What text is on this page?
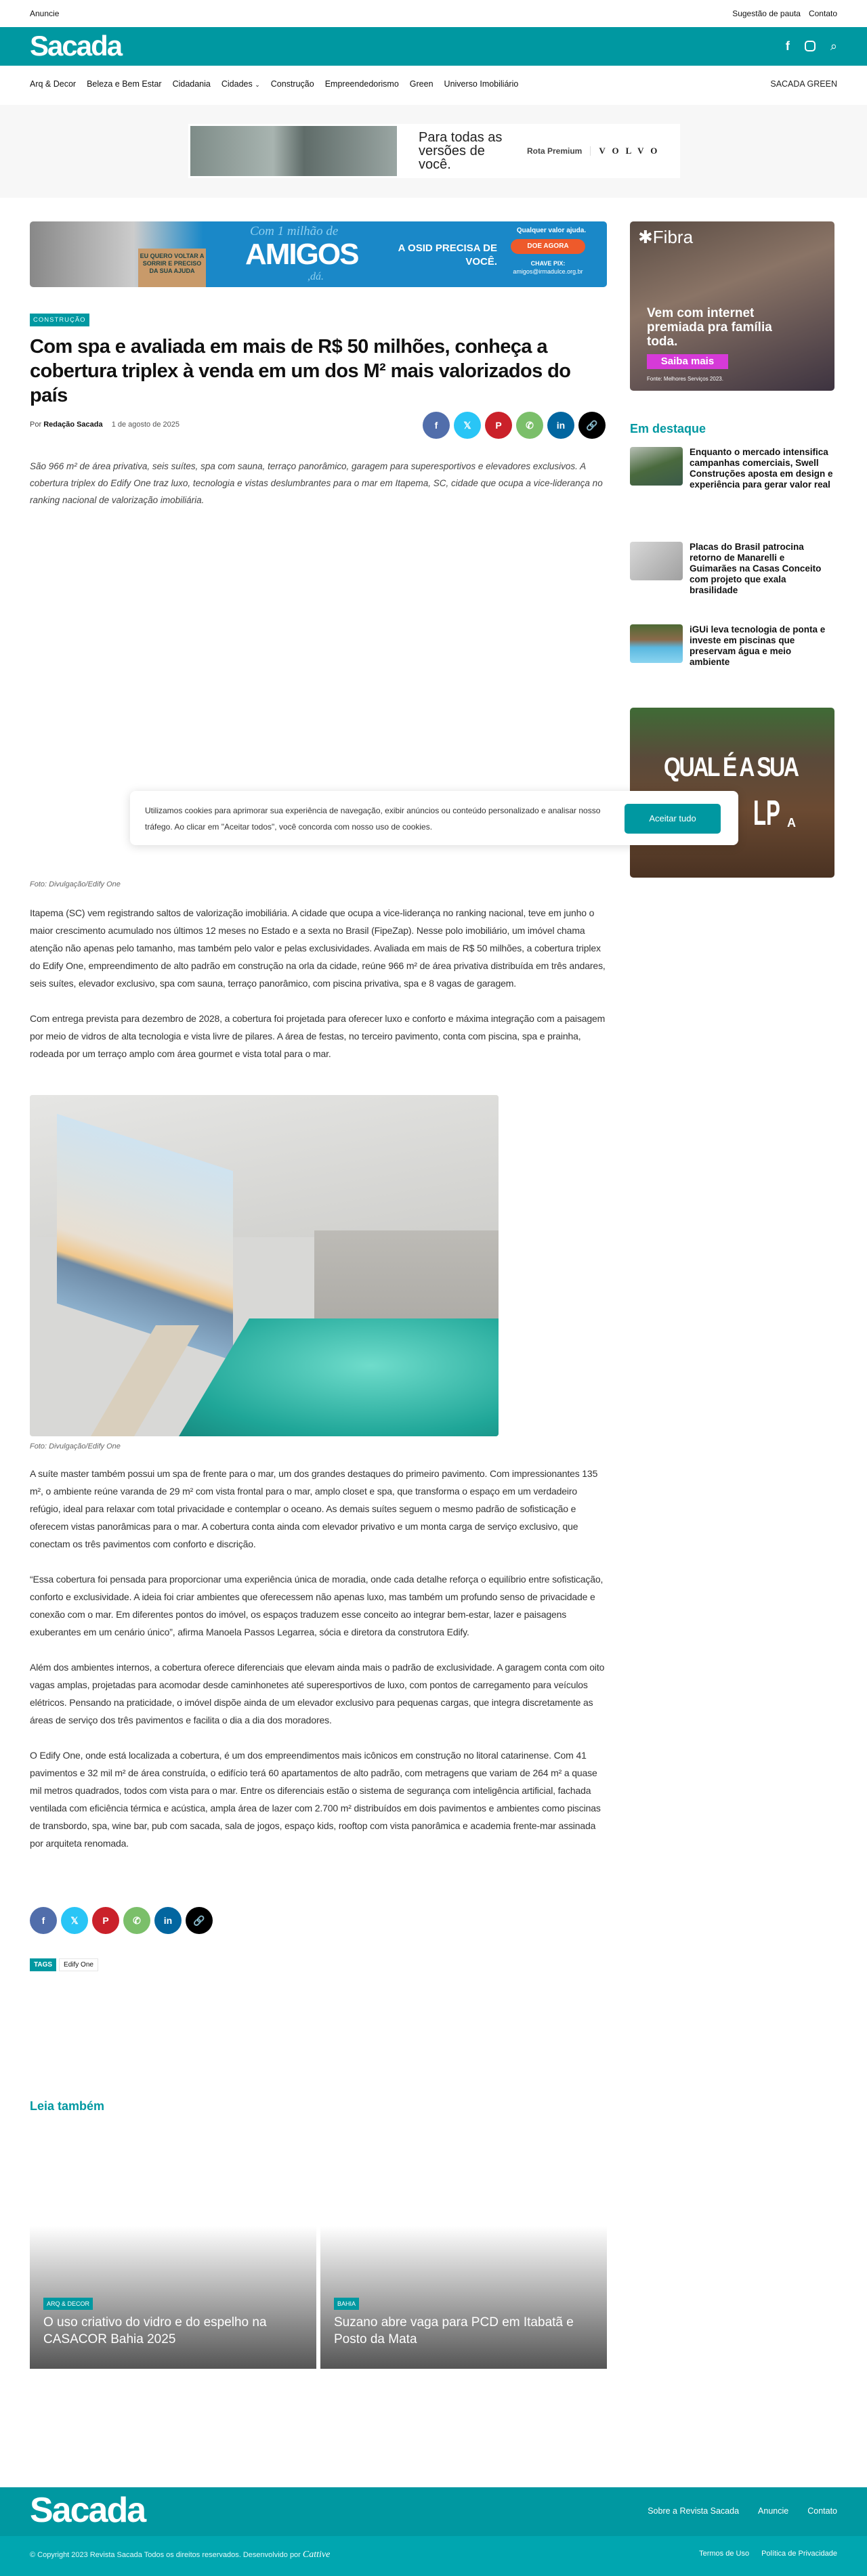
Anuncie	Sugestão de pauta Contato
Sacada	f	⌕
Arq & Decor Beleza e Bem Estar Cidadania Cidades ⌄ Construção Empreendedorismo Green Universo Imobiliário	SACADA GREEN
Para todas as versões de você.
Rota Premium	VOLVO
EU QUERO VOLTAR A SORRIR E PRECISO DA SUA AJUDA
Com 1 milhão de
AMIGOS
,dá.
A OSID PRECISA DE VOCÊ.
Qualquer valor ajuda.
DOE AGORA
CHAVE PIX:
amigos@irmadulce.org.br
CONSTRUÇÃO
Com spa e avaliada em mais de R$ 50 milhões, conheça a cobertura triplex à venda em um dos M² mais valorizados do país
Por Redação Sacada 1 de agosto de 2025	f	𝕏	P	✆ in 🔗

São 966 m² de área privativa, seis suítes, spa com sauna, terraço panorâmico, garagem para superesportivos e elevadores exclusivos. A cobertura triplex do Edify One traz luxo, tecnologia e vistas deslumbrantes para o mar em Itapema, SC, cidade que ocupa a vice-liderança no ranking nacional de valorização imobiliária.

Utilizamos cookies para aprimorar sua experiência de navegação, exibir anúncios ou conteúdo personalizado e analisar nosso tráfego. Ao clicar em "Aceitar todos", você concorda com nosso uso de cookies.

Aceitar tudo
Foto: Divulgação/Edify One

Itapema (SC) vem registrando saltos de valorização imobiliária. A cidade que ocupa a vice-liderança no ranking nacional, teve em junho o maior crescimento acumulado nos últimos 12 meses no Estado e a sexta no Brasil (FipeZap). Nesse polo imobiliário, um imóvel chama atenção não apenas pelo tamanho, mas também pelo valor e pelas exclusividades. Avaliada em mais de R$ 50 milhões, a cobertura triplex do Edify One, empreendimento de alto padrão em construção na orla da cidade, reúne 966 m² de área privativa distribuída em três andares, seis suítes, elevador exclusivo, spa com sauna, terraço panorâmico, com piscina privativa, spa e 8 vagas de garagem.

Com entrega prevista para dezembro de 2028, a cobertura foi projetada para oferecer luxo e conforto e máxima integração com a paisagem por meio de vidros de alta tecnologia e vista livre de pilares. A área de festas, no terceiro pavimento, conta com piscina, spa e prainha, rodeada por um terraço amplo com área gourmet e vista total para o mar.

Foto: Divulgação/Edify One

A suíte master também possui um spa de frente para o mar, um dos grandes destaques do primeiro pavimento. Com impressionantes 135 m², o ambiente reúne varanda de 29 m² com vista frontal para o mar, amplo closet e spa, que transforma o espaço em um verdadeiro refúgio, ideal para relaxar com total privacidade e contemplar o oceano. As demais suítes seguem o mesmo padrão de sofisticação e oferecem vistas panorâmicas para o mar. A cobertura conta ainda com elevador privativo e um monta carga de serviço exclusivo, que conectam os três pavimentos com conforto e discrição.

“Essa cobertura foi pensada para proporcionar uma experiência única de moradia, onde cada detalhe reforça o equilíbrio entre sofisticação, conforto e exclusividade. A ideia foi criar ambientes que oferecessem não apenas luxo, mas também um profundo senso de privacidade e conexão com o mar. Em diferentes pontos do imóvel, os espaços traduzem esse conceito ao integrar bem-estar, lazer e paisagens exuberantes em um cenário único”, afirma Manoela Passos Legarrea, sócia e diretora da construtora Edify.

Além dos ambientes internos, a cobertura oferece diferenciais que elevam ainda mais o padrão de exclusividade. A garagem conta com oito vagas amplas, projetadas para acomodar desde caminhonetes até superesportivos de luxo, com pontos de carregamento para veículos elétricos. Pensando na praticidade, o imóvel dispõe ainda de um elevador exclusivo para pequenas cargas, que integra discretamente as áreas de serviço dos três pavimentos e facilita o dia a dia dos moradores.

O Edify One, onde está localizada a cobertura, é um dos empreendimentos mais icônicos em construção no litoral catarinense. Com 41 pavimentos e 32 mil m² de área construída, o edifício terá 60 apartamentos de alto padrão, com metragens que variam de 264 m² a quase mil metros quadrados, todos com vista para o mar. Entre os diferenciais estão o sistema de segurança com inteligência artificial, fachada ventilada com eficiência térmica e acústica, ampla área de lazer com 2.700 m² distribuídos em dois pavimentos e ambientes como piscinas de transbordo, spa, wine bar, pub com sacada, sala de jogos, espaço kids, rooftop com vista panorâmica e academia frente-mar assinada por arquiteta renomada.

f	𝕏	P	✆ in 🔗
TAGS	Edify One
Leia também
ARQ & DECOR
O uso criativo do vidro e do espelho na CASACOR Bahia 2025
BAHIA
Suzano abre vaga para PCD em Itabatã e Posto da Mata
✱Fibra
Vem com internet premiada pra família toda.
Saiba mais
Fonte: Melhores Serviços 2023.
Em destaque
Enquanto o mercado intensifica campanhas comerciais, Swell Construções aposta em design e experiência para gerar valor real
Placas do Brasil patrocina retorno de Manarelli e Guimarães na Casas Conceito com projeto que exala brasilidade
iGUi leva tecnologia de ponta e investe em piscinas que preservam água e meio ambiente
QUAL É A SUA
LP A
Sacada	Sobre a Revista Sacada Anuncie Contato
© Copyright 2023 Revista Sacada Todos os direitos reservados. Desenvolvido por Cattive	Termos de Uso Política de Privacidade
